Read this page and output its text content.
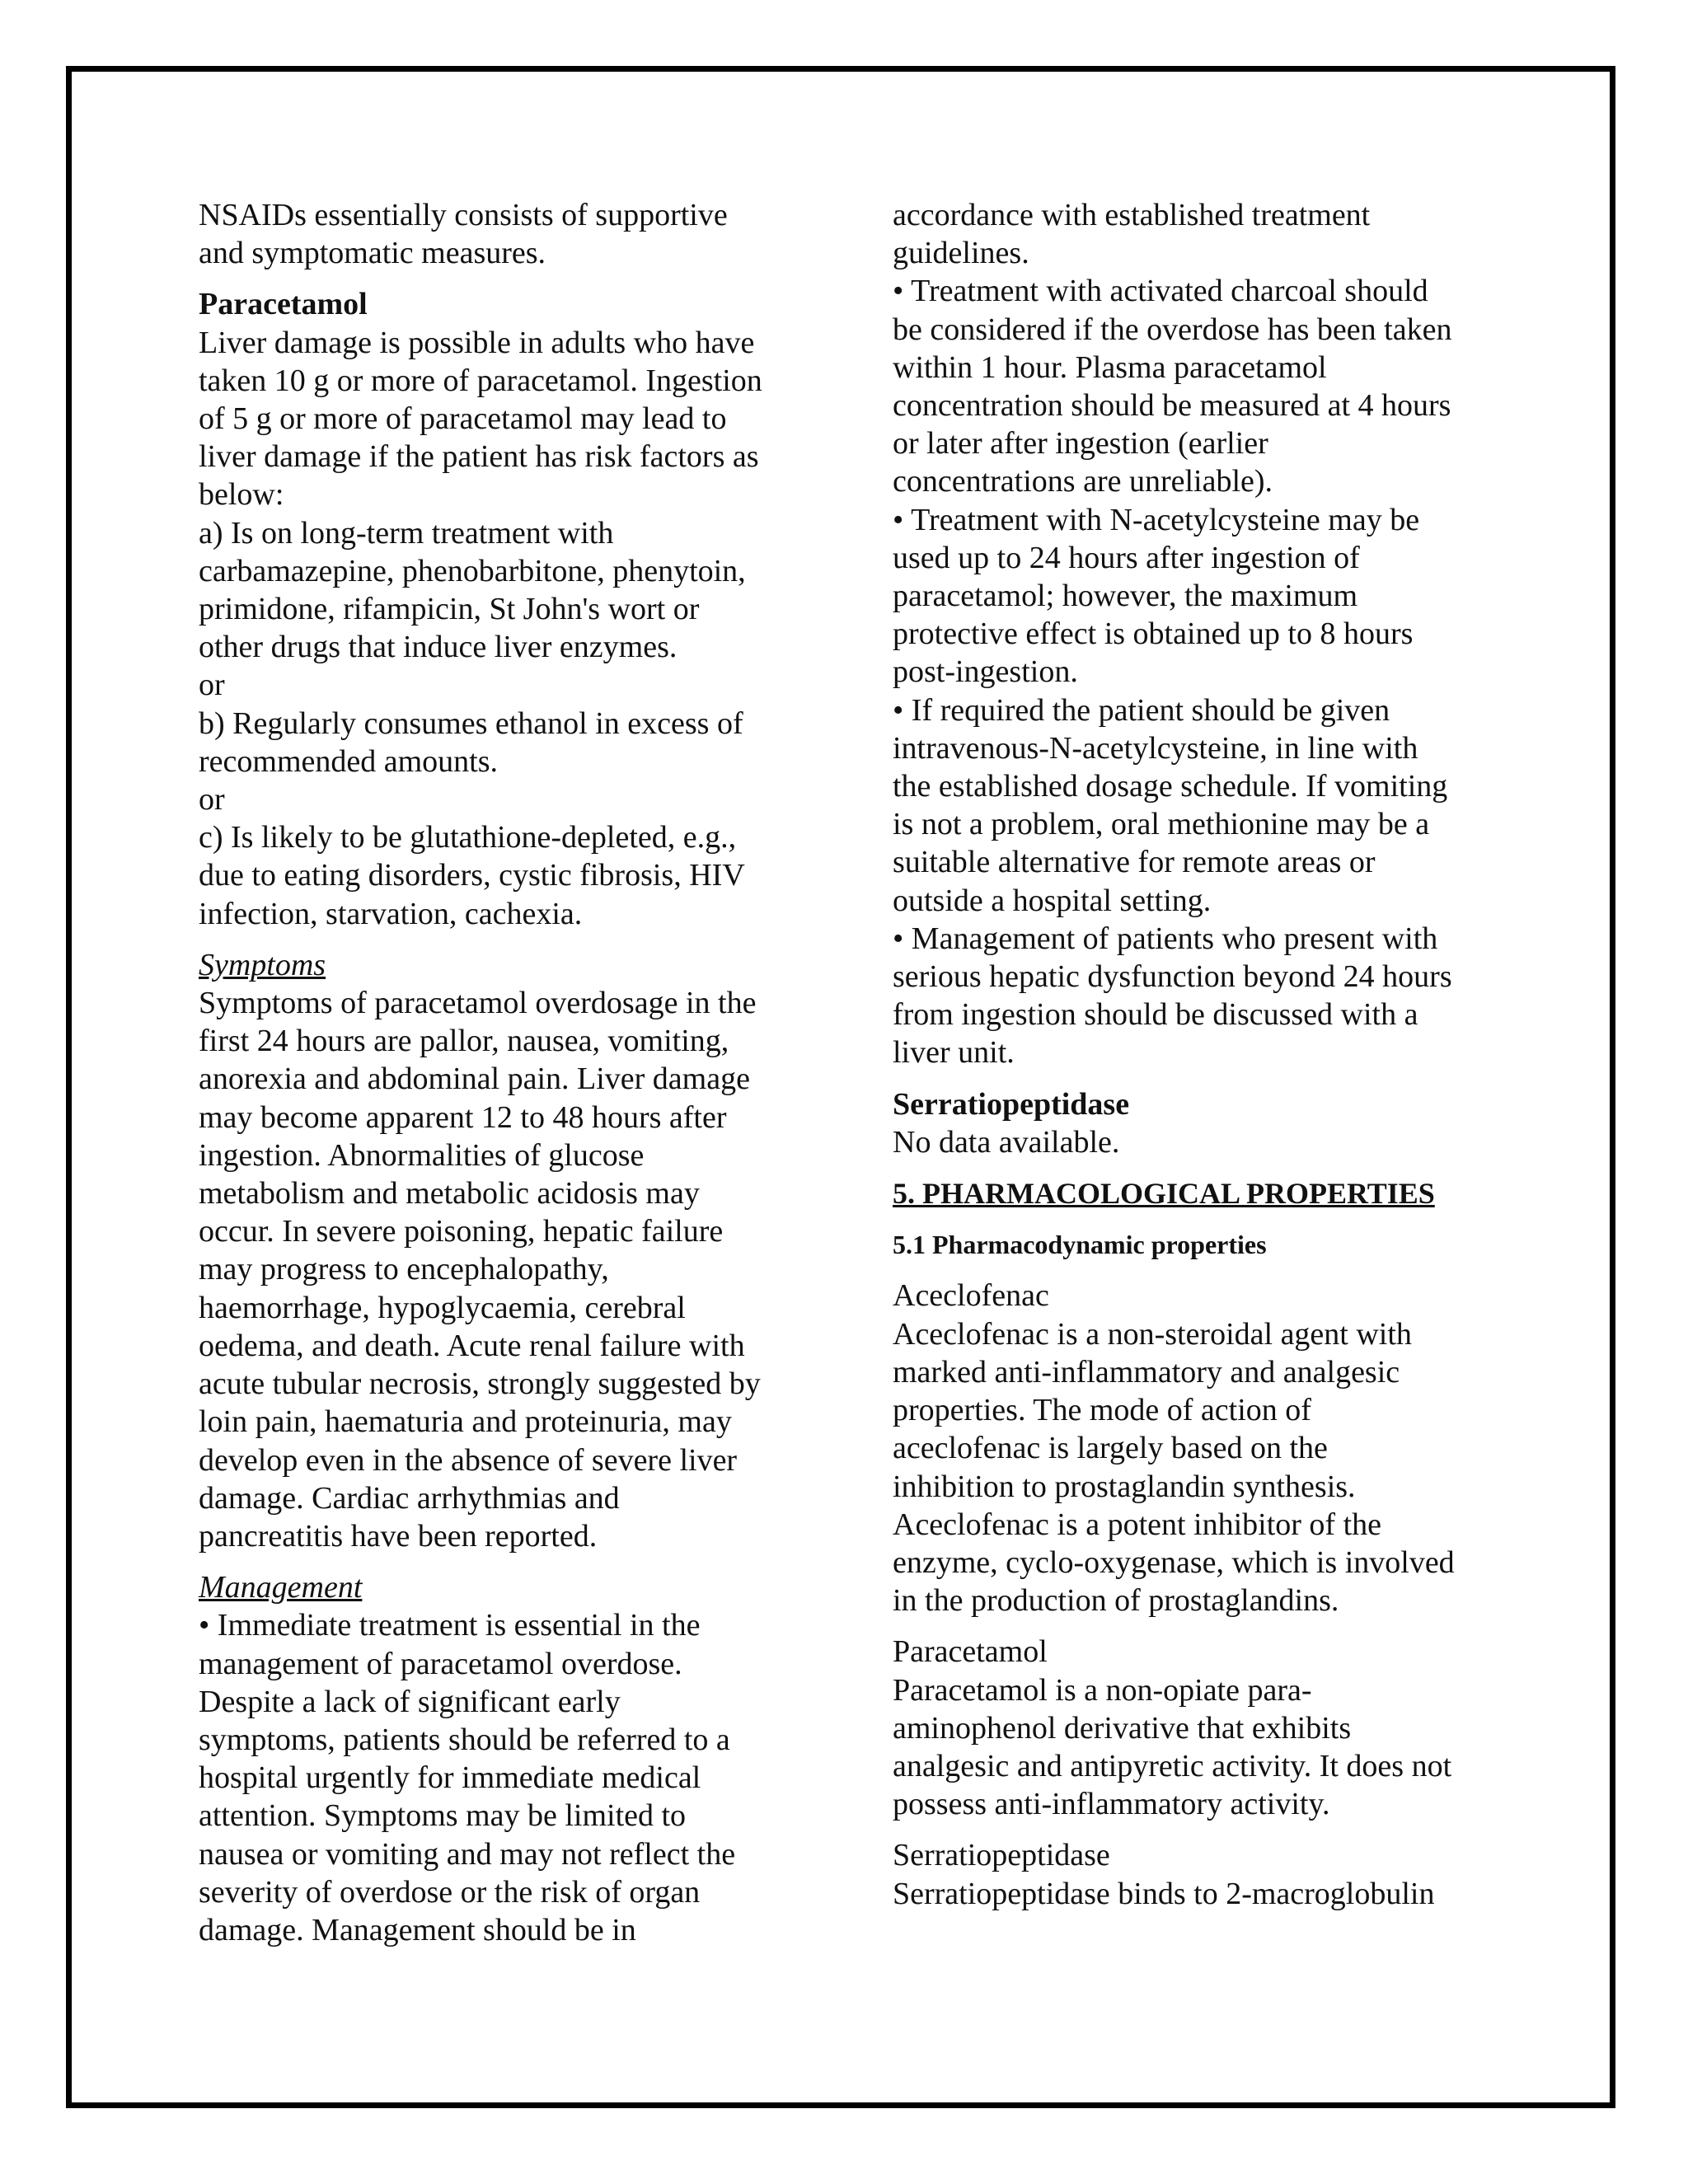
NSAIDs essentially consists of supportive
and symptomatic measures.
Paracetamol
Liver damage is possible in adults who have
taken 10 g or more of paracetamol. Ingestion
of 5 g or more of paracetamol may lead to
liver damage if the patient has risk factors as
below:
a) Is on long-term treatment with
carbamazepine, phenobarbitone, phenytoin,
primidone, rifampicin, St John's wort or
other drugs that induce liver enzymes.
or
b) Regularly consumes ethanol in excess of
recommended amounts.
or
c) Is likely to be glutathione-depleted, e.g.,
due to eating disorders, cystic fibrosis, HIV
infection, starvation, cachexia.
Symptoms
Symptoms of paracetamol overdosage in the
first 24 hours are pallor, nausea, vomiting,
anorexia and abdominal pain. Liver damage
may become apparent 12 to 48 hours after
ingestion. Abnormalities of glucose
metabolism and metabolic acidosis may
occur. In severe poisoning, hepatic failure
may progress to encephalopathy,
haemorrhage, hypoglycaemia, cerebral
oedema, and death. Acute renal failure with
acute tubular necrosis, strongly suggested by
loin pain, haematuria and proteinuria, may
develop even in the absence of severe liver
damage. Cardiac arrhythmias and
pancreatitis have been reported.
Management
• Immediate treatment is essential in the
management of paracetamol overdose.
Despite a lack of significant early
symptoms, patients should be referred to a
hospital urgently for immediate medical
attention. Symptoms may be limited to
nausea or vomiting and may not reflect the
severity of overdose or the risk of organ
damage. Management should be in
accordance with established treatment
guidelines.
• Treatment with activated charcoal should
be considered if the overdose has been taken
within 1 hour. Plasma paracetamol
concentration should be measured at 4 hours
or later after ingestion (earlier
concentrations are unreliable).
• Treatment with N-acetylcysteine may be
used up to 24 hours after ingestion of
paracetamol; however, the maximum
protective effect is obtained up to 8 hours
post-ingestion.
• If required the patient should be given
intravenous-N-acetylcysteine, in line with
the established dosage schedule. If vomiting
is not a problem, oral methionine may be a
suitable alternative for remote areas or
outside a hospital setting.
• Management of patients who present with
serious hepatic dysfunction beyond 24 hours
from ingestion should be discussed with a
liver unit.
Serratiopeptidase
No data available.
5. PHARMACOLOGICAL PROPERTIES
5.1 Pharmacodynamic properties
Aceclofenac
Aceclofenac is a non-steroidal agent with
marked anti-inflammatory and analgesic
properties. The mode of action of
aceclofenac is largely based on the
inhibition to prostaglandin synthesis.
Aceclofenac is a potent inhibitor of the
enzyme, cyclo-oxygenase, which is involved
in the production of prostaglandins.
Paracetamol
Paracetamol is a non-opiate para-
aminophenol derivative that exhibits
analgesic and antipyretic activity. It does not
possess anti-inflammatory activity.
Serratiopeptidase
Serratiopeptidase binds to 2-macroglobulin
